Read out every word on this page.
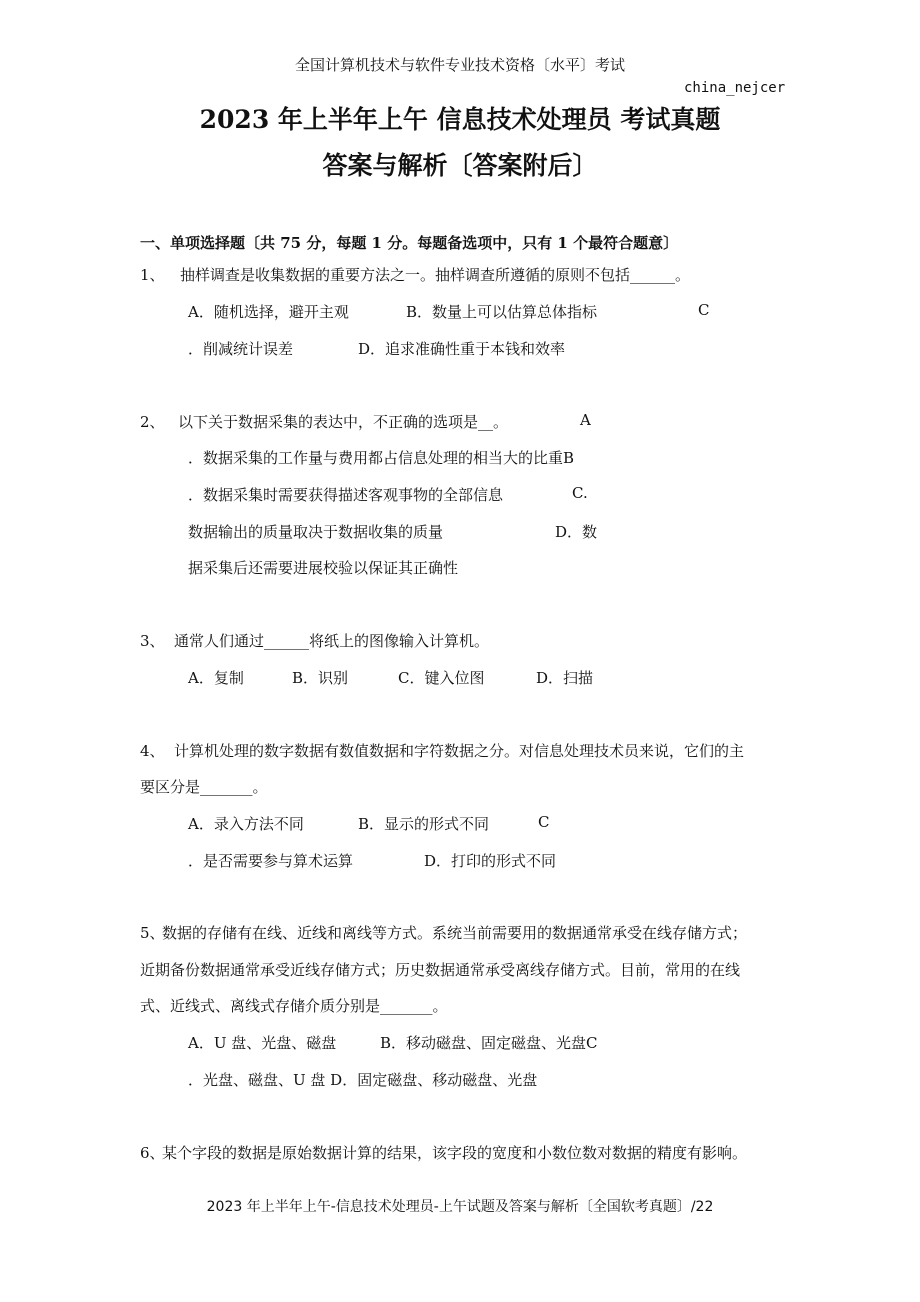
全国计算机技术与软件专业技术资格〔水平〕考试
china_nejcer
2023 年上半年上午 信息技术处理员 考试真题
答案与解析〔答案附后〕
一、单项选择题〔共 75 分，每题 1 分。每题备选项中，只有 1 个最符合题意〕
1、 抽样调查是收集数据的重要方法之一。抽样调查所遵循的原则不包括______。
A．随机选择，避开主观	B．数量上可以估算总体指标	C
．削减统计误差	D．追求准确性重于本钱和效率
2、 以下关于数据采集的表达中，不正确的选项是__。	A
．数据采集的工作量与费用都占信息处理的相当大的比重B
．数据采集时需要获得描述客观事物的全部信息	C.
数据输出的质量取决于数据收集的质量	D．数
据采集后还需要进展校验以保证其正确性
3、 通常人们通过______将纸上的图像输入计算机。
A．复制	B．识别	C．键入位图	D．扫描
4、 计算机处理的数字数据有数值数据和字符数据之分。对信息处理技术员来说，它们的主
要区分是_______。
A．录入方法不同	B．显示的形式不同	C
．是否需要参与算术运算	D．打印的形式不同
5、
数据的存储有在线、近线和离线等方式。系统当前需要用的数据通常承受在线存储方式；
近期备份数据通常承受近线存储方式；历史数据通常承受离线存储方式。目前，常用的在线
式、近线式、离线式存储介质分别是_______。
A．U 盘、光盘、磁盘	B．移动磁盘、固定磁盘、光盘C
．光盘、磁盘、U 盘 D．固定磁盘、移动磁盘、光盘
6、
某个字段的数据是原始数据计算的结果，该字段的宽度和小数位数对数据的精度有影响。
2023 年上半年上午-信息技术处理员-上午试题及答案与解析〔全国软考真题〕/22
